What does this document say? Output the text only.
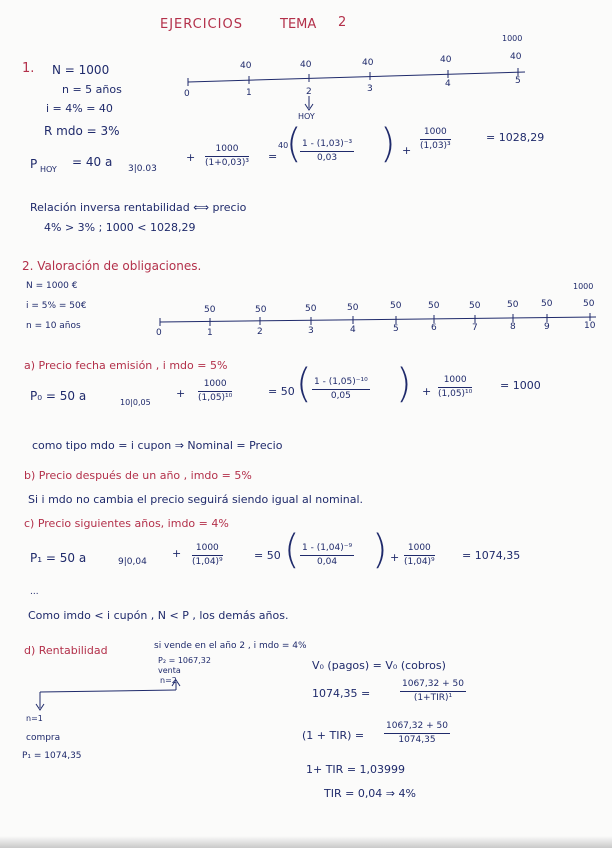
EJERCICIOS	TEMA 2
1. N = 1000
n = 5 años
i = 4% = 40
R mdo = 3%
40	40	40	40	40
1000
0	1	2	3	4	5
HOY
P HOY
= 40 a 3|0.03
+ $\frac{1000}{\text{(1+0,03)³}}$ =
40
(
$\frac{\text{1 - (1,03)⁻³}}{0,03}$ ) + $\frac{1000}{\text{(1,03)³}}$	= 1028,29
Relación inversa rentabilidad ⟺ precio
4% > 3% ; 1000 < 1028,29
2. Valoración de obligaciones.
N = 1000 €
i = 5% = 50€
n = 10 años
50	50	50	50	50	50	50	50	50	50
1000
0	1	2	3	4	5	6	7	8	9	10
a) Precio fecha emisión , i mdo = 5%
P₀ = 50 a	10|0,05
+ $\frac{1000}{\text{(1,05)¹⁰}}$	= 50 ( $\frac{\text{1 - (1,05)⁻¹⁰}}{0,05}$ ) + $\frac{1000}{\text{(1,05)¹⁰}}$	= 1000
como tipo mdo = i cupon ⇒ Nominal = Precio
b) Precio después de un año , imdo = 5%
Si i mdo no cambia el precio seguirá siendo igual al nominal.
c) Precio siguientes años, imdo = 4%
P₁ = 50 a	9|0,04
+ $\frac{1000}{\text{(1,04)⁹}}$	= 50 ( $\frac{\text{1 - (1,04)⁻⁹}}{0,04}$ ) + $\frac{1000}{\text{(1,04)⁹}} = 1074,35$
...
Como imdo < i cupón , N < P , los demás años.
d) Rentabilidad	si vende en el año 2 , i mdo = 4%
P₂ = 1067,32
venta
n=2
n=1
compra
P₁ = 1074,35
V₀ (pagos) = V₀ (cobros)
1074,35 =
1067,32 + 50
(1+TIR)¹
$(1 + TIR) = \frac{1067,32 + 50}{1074,35}$
1+ TIR = 1,03999
TIR = 0,04 ⇒ 4%
